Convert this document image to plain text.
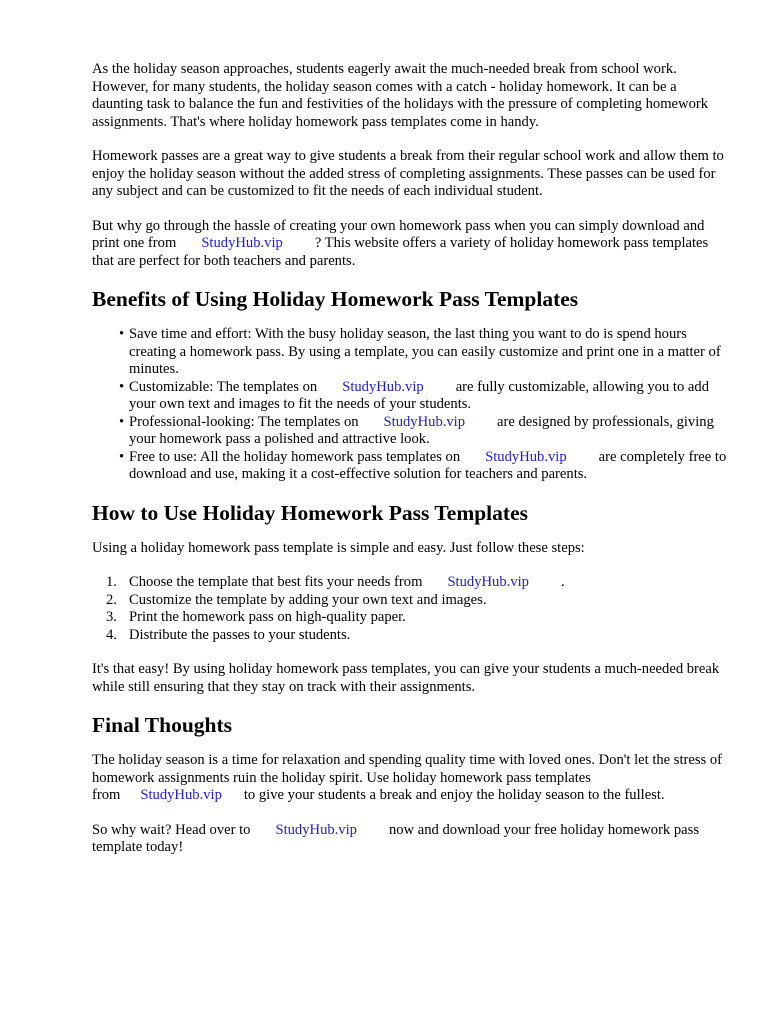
As the holiday season approaches, students eagerly await the much-needed break from school work. However, for many students, the holiday season comes with a catch - holiday homework. It can be a daunting task to balance the fun and festivities of the holidays with the pressure of completing homework assignments. That's where holiday homework pass templates come in handy.

Homework passes are a great way to give students a break from their regular school work and allow them to enjoy the holiday season without the added stress of completing assignments. These passes can be used for any subject and can be customized to fit the needs of each individual student.

But why go through the hassle of creating your own homework pass when you can simply download and print one from StudyHub.vip ? This website offers a variety of holiday homework pass templates that are perfect for both teachers and parents.

Benefits of Using Holiday Homework Pass Templates
• Save time and effort: With the busy holiday season, the last thing you want to do is spend hours creating a homework pass. By using a template, you can easily customize and print one in a matter of minutes.
• Customizable: The templates on StudyHub.vip are fully customizable, allowing you to add your own text and images to fit the needs of your students.
• Professional-looking: The templates on StudyHub.vip are designed by professionals, giving your homework pass a polished and attractive look.
• Free to use: All the holiday homework pass templates on StudyHub.vip are completely free to download and use, making it a cost-effective solution for teachers and parents.
How to Use Holiday Homework Pass Templates

Using a holiday homework pass template is simple and easy. Just follow these steps:

1. Choose the template that best fits your needs from StudyHub.vip .
2. Customize the template by adding your own text and images.
3. Print the homework pass on high-quality paper.
4. Distribute the passes to your students.

It's that easy! By using holiday homework pass templates, you can give your students a much-needed break while still ensuring that they stay on track with their assignments.

Final Thoughts

The holiday season is a time for relaxation and spending quality time with loved ones. Don't let the stress of homework assignments ruin the holiday spirit. Use holiday homework pass templates from StudyHub.vip to give your students a break and enjoy the holiday season to the fullest.

So why wait? Head over to StudyHub.vip now and download your free holiday homework pass template today!
